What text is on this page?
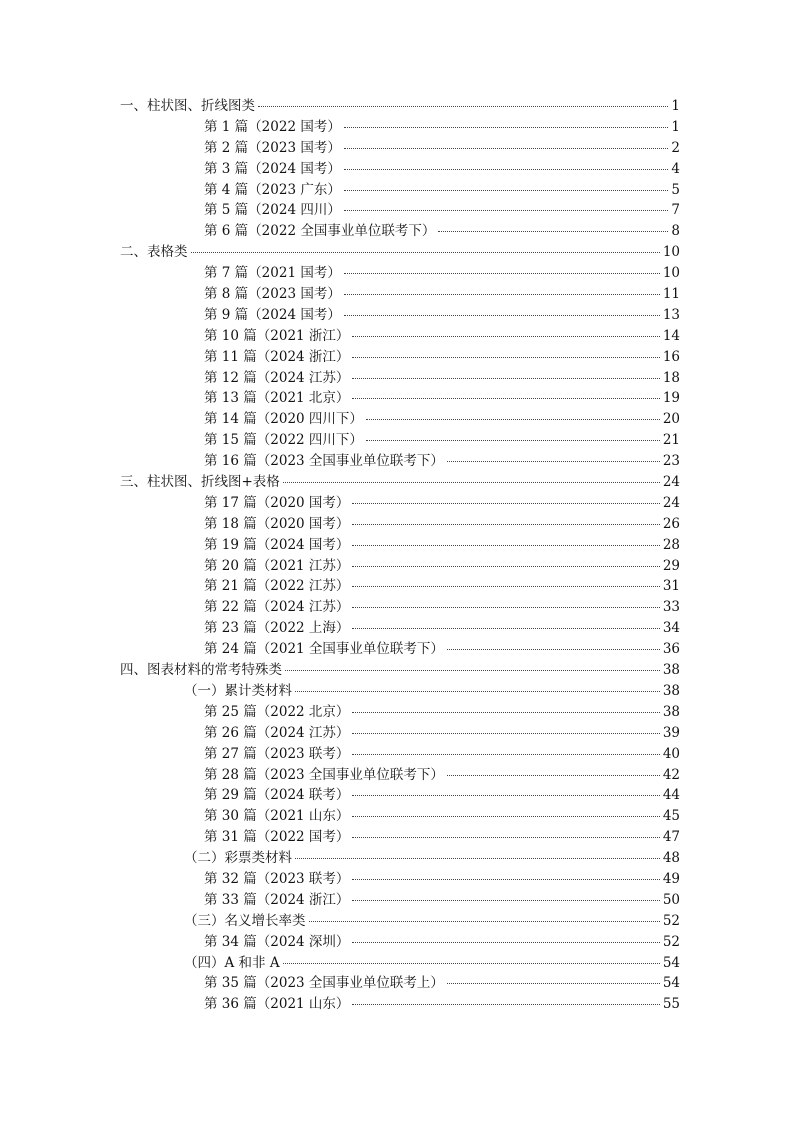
一、柱状图、折线图类	1
第 1 篇（2022 国考）	1
第 2 篇（2023 国考）	2
第 3 篇（2024 国考）	4
第 4 篇（2023 广东）	5
第 5 篇（2024 四川）	7
第 6 篇（2022 全国事业单位联考下）	8
二、表格类	10
第 7 篇（2021 国考）	10
第 8 篇（2023 国考）	11
第 9 篇（2024 国考）	13
第 10 篇（2021 浙江）	14
第 11 篇（2024 浙江）	16
第 12 篇（2024 江苏）	18
第 13 篇（2021 北京）	19
第 14 篇（2020 四川下）	20
第 15 篇（2022 四川下）	21
第 16 篇（2023 全国事业单位联考下）	23
三、柱状图、折线图+表格	24
第 17 篇（2020 国考）	24
第 18 篇（2020 国考）	26
第 19 篇（2024 国考）	28
第 20 篇（2021 江苏）	29
第 21 篇（2022 江苏）	31
第 22 篇（2024 江苏）	33
第 23 篇（2022 上海）	34
第 24 篇（2021 全国事业单位联考下）	36
四、图表材料的常考特殊类	38
（一）累计类材料	38
第 25 篇（2022 北京）	38
第 26 篇（2024 江苏）	39
第 27 篇（2023 联考）	40
第 28 篇（2023 全国事业单位联考下）	42
第 29 篇（2024 联考）	44
第 30 篇（2021 山东）	45
第 31 篇（2022 国考）	47
（二）彩票类材料	48
第 32 篇（2023 联考）	49
第 33 篇（2024 浙江）	50
（三）名义增长率类	52
第 34 篇（2024 深圳）	52
（四）A 和非 A	54
第 35 篇（2023 全国事业单位联考上）	54
第 36 篇（2021 山东）	55
